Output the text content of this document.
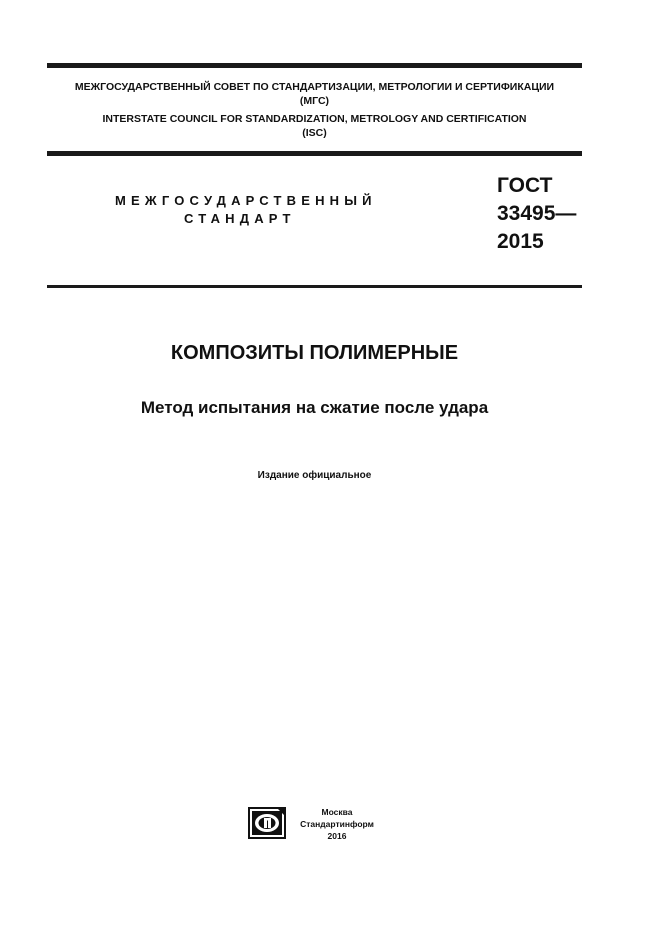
МЕЖГОСУДАРСТВЕННЫЙ СОВЕТ ПО СТАНДАРТИЗАЦИИ, МЕТРОЛОГИИ И СЕРТИФИКАЦИИ
(МГС)
INTERSTATE COUNCIL FOR STANDARDIZATION, METROLOGY AND CERTIFICATION
(ISC)
МЕЖГОСУДАРСТВЕННЫЙ
СТАНДАРТ
ГОСТ
33495—
2015
КОМПОЗИТЫ ПОЛИМЕРНЫЕ
Метод испытания на сжатие после удара
Издание официальное
Москва
Стандартинформ
2016
